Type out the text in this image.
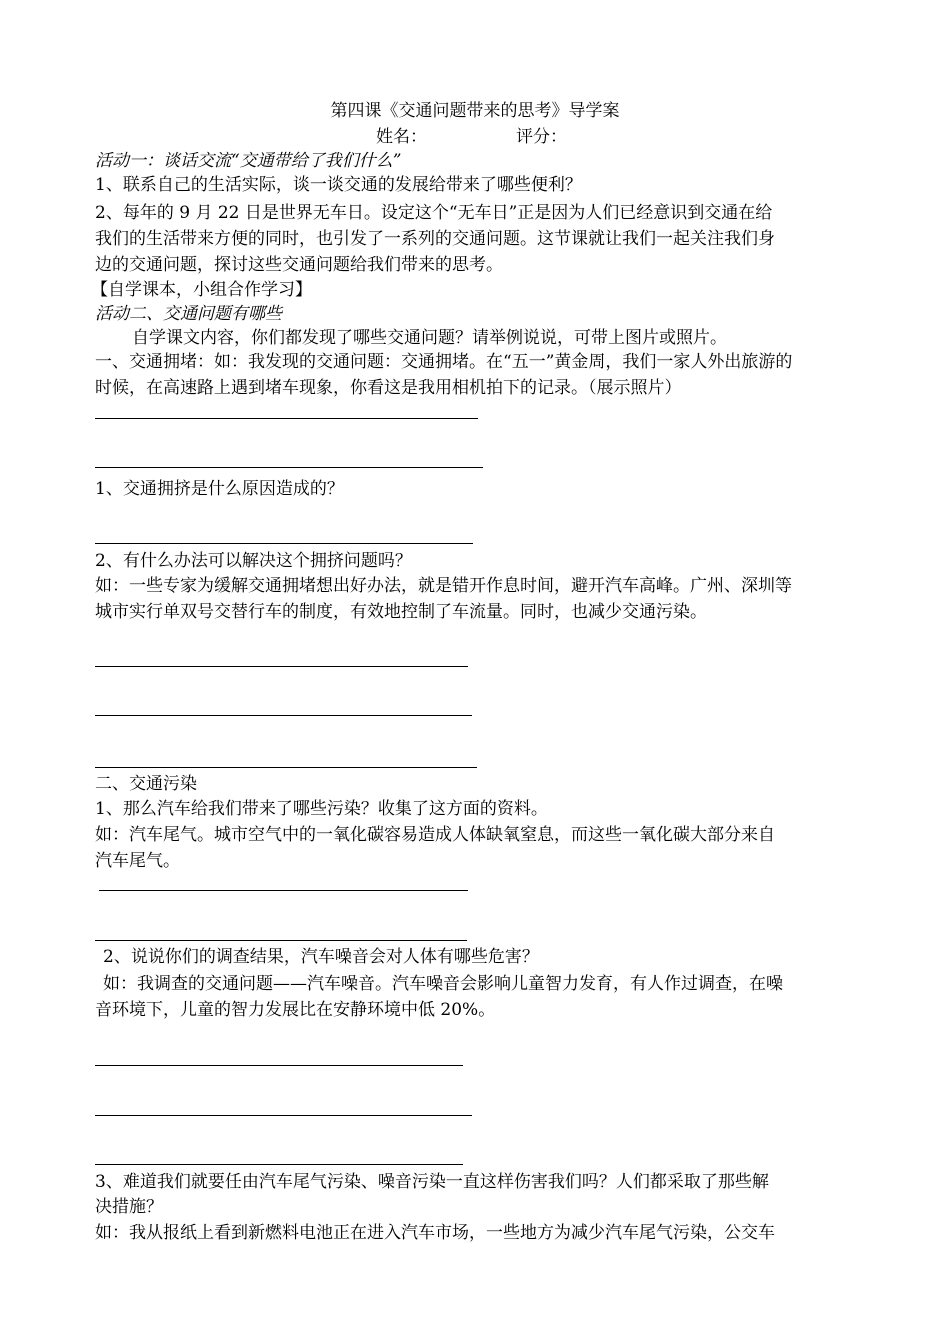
第四课《交通问题带来的思考》导学案
姓名：	评分：
活动一：谈话交流“交通带给了我们什么”
1、联系自己的生活实际，谈一谈交通的发展给带来了哪些便利？
2、每年的 9 月 22 日是世界无车日。设定这个“无车日”正是因为人们已经意识到交通在给
我们的生活带来方便的同时，也引发了一系列的交通问题。这节课就让我们一起关注我们身
边的交通问题，探讨这些交通问题给我们带来的思考。
【自学课本，小组合作学习】
活动二、交通问题有哪些
自学课文内容，你们都发现了哪些交通问题？请举例说说，可带上图片或照片。
一、交通拥堵：如：我发现的交通问题：交通拥堵。在“五一”黄金周，我们一家人外出旅游的
时候，在高速路上遇到堵车现象，你看这是我用相机拍下的记录。（展示照片）
1、交通拥挤是什么原因造成的？
2、有什么办法可以解决这个拥挤问题吗？
如：一些专家为缓解交通拥堵想出好办法，就是错开作息时间，避开汽车高峰。广州、深圳等
城市实行单双号交替行车的制度，有效地控制了车流量。同时，也减少交通污染。
二、交通污染
1、那么汽车给我们带来了哪些污染？收集了这方面的资料。
如：汽车尾气。城市空气中的一氧化碳容易造成人体缺氧窒息，而这些一氧化碳大部分来自
汽车尾气。
2、说说你们的调查结果，汽车噪音会对人体有哪些危害？
如：我调查的交通问题——汽车噪音。汽车噪音会影响儿童智力发育，有人作过调查，在噪
音环境下，儿童的智力发展比在安静环境中低 20%。
3、难道我们就要任由汽车尾气污染、噪音污染一直这样伤害我们吗？人们都采取了那些解
决措施？
如：我从报纸上看到新燃料电池正在进入汽车市场，一些地方为减少汽车尾气污染，公交车
